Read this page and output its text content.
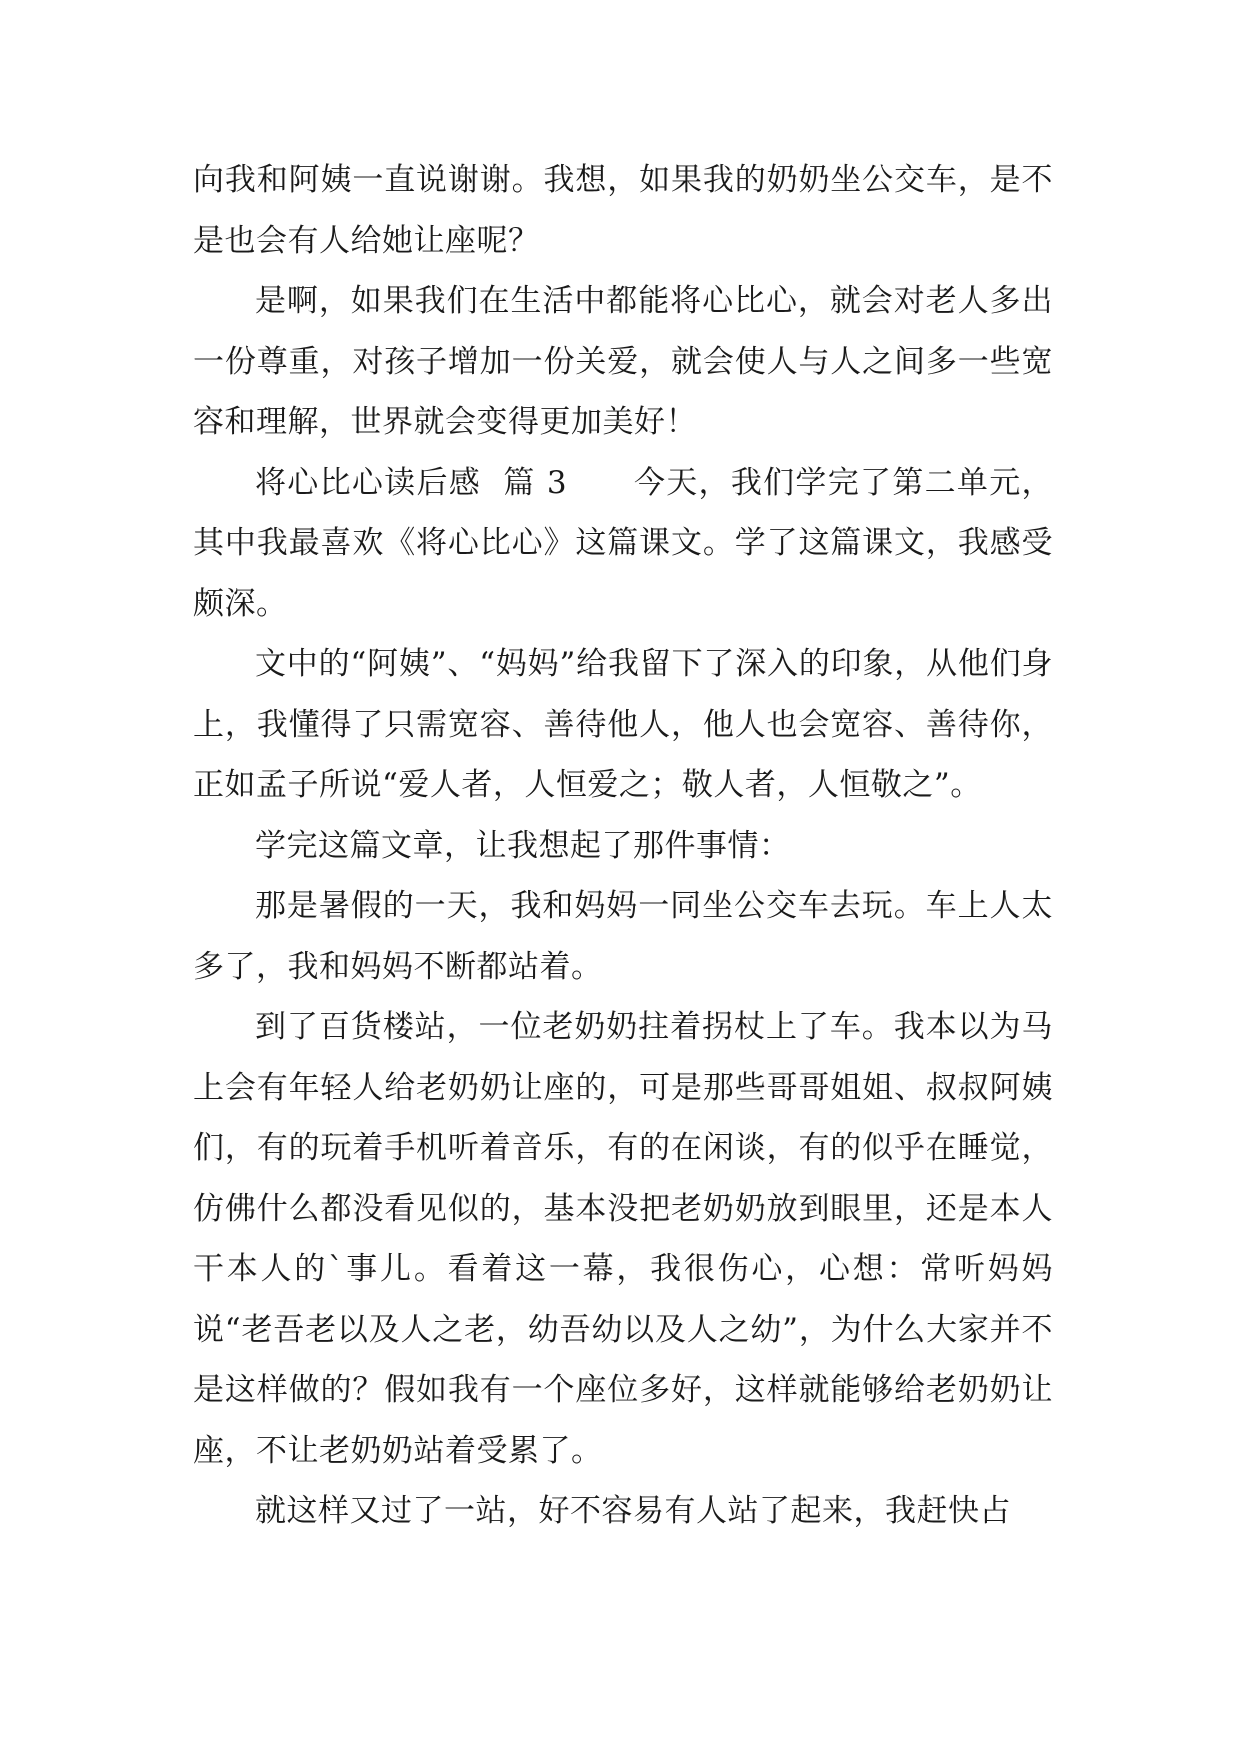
向我和阿姨一直说谢谢。我想，如果我的奶奶坐公交车，是不是也会有人给她让座呢？

是啊，如果我们在生活中都能将心比心，就会对老人多出一份尊重，对孩子增加一份关爱，就会使人与人之间多一些宽容和理解，世界就会变得更加美好！

将心比心读后感  篇 3 今天，我们学完了第二单元，其中我最喜欢《将心比心》这篇课文。学了这篇课文，我感受颇深。

文中的“阿姨”、“妈妈”给我留下了深入的印象，从他们身上，我懂得了只需宽容、善待他人，他人也会宽容、善待你，正如孟子所说“爱人者，人恒爱之；敬人者，人恒敬之”。

学完这篇文章，让我想起了那件事情：

那是暑假的一天，我和妈妈一同坐公交车去玩。车上人太多了，我和妈妈不断都站着。

到了百货楼站，一位老奶奶拄着拐杖上了车。我本以为马上会有年轻人给老奶奶让座的，可是那些哥哥姐姐、叔叔阿姨们，有的玩着手机听着音乐，有的在闲谈，有的似乎在睡觉，仿佛什么都没看见似的，基本没把老奶奶放到眼里，还是本人干本人的`事儿。看着这一幕，我很伤心，心想：常听妈妈说“老吾老以及人之老，幼吾幼以及人之幼”，为什么大家并不是这样做的？假如我有一个座位多好，这样就能够给老奶奶让座，不让老奶奶站着受累了。

就这样又过了一站，好不容易有人站了起来，我赶快占
